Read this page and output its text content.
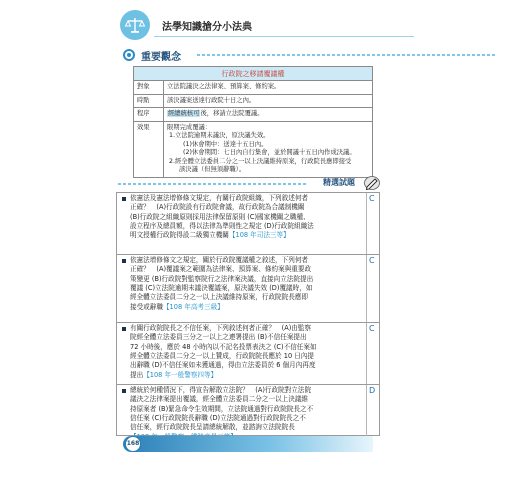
法學知識搶分小法典
重要觀念
行政院之移請覆議權
對象	立法院議決之法律案、預算案、條約案。
時點	該決議案送達行政院十日之內。
程序	經總統核可後，移請立法院覆議。
效果	限期完成覆議：
1.立法院逾期未議決，原決議失效。
(1)休會期中：送達十五日內。
(2)休會期間：七日內自行集會，並於開議十五日內作成決議。
2.經全體立法委員二分之一以上決議維持原案，行政院長應即接受
該決議（但無須辭職）。
精選試題
依憲法及憲法增修條文規定，有關行政院組織，下列敘述何者
正確？　(A)行政院設有行政院會議，故行政院為合議制機關
(B)行政院之組織原則採用法律保留原則 (C)國家機關之職權、
設立程序及總員額，得以法律為準則性之規定 (D)行政院組織法
明文授權行政院得設二級獨立機關【108 年司法三等】
C
依憲法增修條文之規定，關於行政院覆議權之敘述，下列何者
正確？　(A)覆議案之範圍為法律案、預算案、條約案與重要政
策變更 (B)行政院對監察院行之法律案決議，直接向立法院提出
覆議 (C)立法院逾期未議決覆議案，原決議失效 (D)覆議時，如
經全體立法委員二分之一以上決議維持原案，行政院院長應即
接受或辭職【108 年高考三級】
C
有關行政院院長之不信任案，下列敘述何者正確？　(A)由監察
院經全體立法委員三分之一以上之連署提出 (B)不信任案提出
72 小時後，應於 48 小時內以不記名投票表決之 (C)不信任案如
經全體立法委員二分之一以上贊成，行政院院長應於 10 日內提
出辭職 (D)不信任案如未獲通過，得由立法委員於 6 個月內再度
提出【108 年一般警察四等】
C
總統於何種情況下，得宣告解散立法院？　(A)行政院對立法院
議決之法律案提出覆議，經全體立法委員二分之一以上決議維
持原案者 (B)緊急命令生效期間，立法院通過對行政院院長之不
信任案 (C)行政院院長辭職 (D)立法院通過對行政院院長之不
信任案，經行政院院長呈請總統解散，並諮詢立法院院長
D
168
